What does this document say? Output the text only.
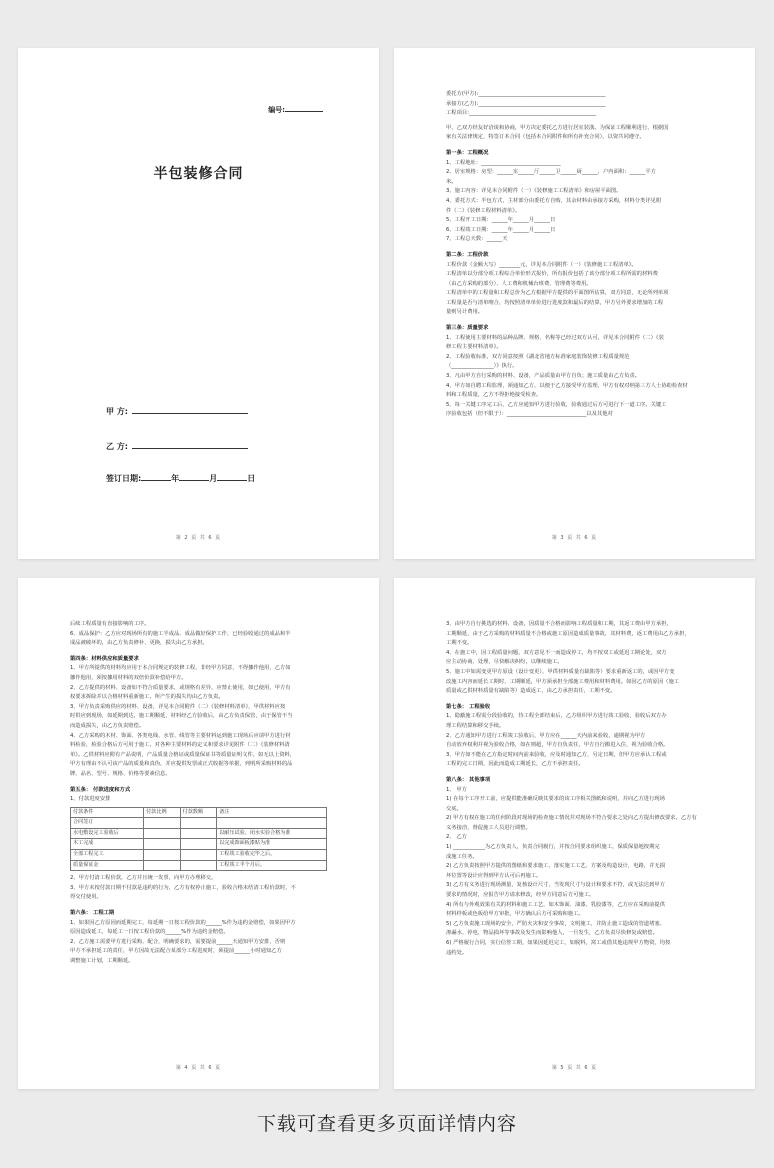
编号:
半包装修合同
甲 方:
乙 方:
签订日期:	年	月	日
第 2 页 共 6 页
委托方(甲方):________________________________________________
承接方(乙方):________________________________________________
工程项目:________________________________________________
甲、乙双方经友好洽谈和协商，甲方决定委托乙方进行居室装潢。为保证工程顺利进行，根据国
家有关法律规定，特签订本合同（包括本合同附件和所有补充合同），以资共同遵守。
第一条：工程概况
1、工程地址：______________________________
2、居室规格：房型：______室______厅______卫______厨______，户内面积：______平方
米。
3、施工内容：详见本合同附件（一）《装修施工工程清单》和房屋平面图。
4、委托方式：半包方式，主材部分由委托方自购，其余材料由承接方采购，材料分类详见附
件（二）《装修工程材料清单》。
5、工程开工日期：______年______月______日
6、工程竣工日期：______年______月______日
7、工程总天数：______天
第二条：工程价款
工程价款（金额大写）________元，详见本合同附件（一）《装修施工工程清单》。
工程清单以分部分项工程综合单价形式报价，所有报价包括了该分部分项工程所需的材料费
（由乙方采购的部分）、人工费和机械台班费、管理费等费用。
工程清单中的工程量和工程总价为乙方根据甲方提供的平面图所估算，双方同意，无论所列单项
工程量是否与清单吻合，均按照清单单价进行进度款和最后的结算，甲方另外要求增加的工程
量则另计费用。
第三条：质量要求
1、工程使用主要材料的品种品牌、规格、名称等已经过双方认可，详见本合同附件（二）《装
修工程主要材料清单》。
2、工程验收标准，双方同意按照《湖北省地方标准家庭装饰装修工程质量规范
（________________）》执行。
3、凡由甲方自行采购的材料、设备，产品质量由甲方自负；施工质量由乙方负责。
4、甲方如自聘工程监理，须通知乙方，以便于乙方接受甲方监理，甲方有权对纳第三方人士协助检查材
料和工程质量，乙方不得拒绝接受检查。
5、每一关键工序完工后，乙方应通知甲方进行验收，验收通过后方可进行下一道工序。关键工
序验收包括（但不限于）：______________________________以及其他对
第 3 页 共 6 页
后续工程质量有直接影响的工序。
6、成品保护：乙方应对现场所有的施工半成品、成品做好保护工作，已经验收通过的成品和半
成品被破坏的，由乙方负责修补、更换，损失由乙方承担。
第四条：材料供应和质量要求
1、甲方所提供的材料均应用于本合同规定的装修工程，非经甲方同意，不得挪作他用，乙方如
挪作他用，须按挪用材料的双倍价款补偿给甲方。
2、乙方提供的材料、设备如不符合质量要求，或规格有差异，应禁止使用，如已使用，甲方有
权要求拆除并以合格材料重新施工，所产生的损失均由乙方负责。
3、甲方负责采购供应的材料、设备，详见本合同附件（二）《装修材料清单》，甲供材料应按
时供应到现场，如延期到达，施工期顺延，材料经乙方验收后，由乙方负责保管，由于保管不当
而造成损失，由乙方负责赔偿。
4、乙方采购的木材、饰面、各类电线、水管、线管等主要材料运到施工现场后应请甲方进行材
料检验，检验合格后方可用于施工，对各种主要材料的定义和要求详见附件（二）《装修材料清
单》。乙供材料应附有产品说明，产品质量合格证或质量保证书等质量证明文件，如无以上资料，
甲方有理由不认可该产品的质量和真伪，并应提供发票或正式收据等单据，列明所采购材料的品
牌、品名、型号、规格、价格等要素信息。
第五条： 付款进度和方式
1、付款进度安排
付款条件	付款比例	付款数额	备注
合同签订			
水电敷设完工验收后			以耐压试验、闭水实验合格为准
木工完成			以完成饰面板漆贴为准
全部工程完工			工程竣工验收完毕之后。
质量保证金			工程竣工半个月后。
2、甲方付清工程价款，乙方并且统一发票，向甲方办理移交。
3、甲方未按付款日期不付款是违约的行为，乙方有权停止施工，验收合格未结清工程价款时，不
得交付使用。
第六条： 工程工期
1、如果因乙方原因而延期完工，每延期一日按工程价款的______%作为违约金赔偿，如果因甲方
原因造成延工，每延工一日按工程价款的______%作为违约金赔偿。
2、乙方施工需要甲方进行采购、配合，明确要求的，需要提前______天通知甲方安排，否则
甲方不承担延工的责任，甲方因故无法配合某部分工程进度时，须提前______小时通知乙方
调整施工计划，工期顺延。
第 4 页 共 6 页
3、由甲方自行挑选的材料、设备，因质量不合格而影响工程质量和工期，其返工费由甲方承担，
工期顺延，由于乙方采购的材料质量不合格或施工原因造成质量事故，其材料费，返工费用由乙方承担，
工期不变。
4、在施工中，因工程质量问题，双方意见不一而造成停工，均不按双工或延迟工期论处，双方
应主动协商、处理，尽快解决纠纷，以继续施工。
5、施工中如需变更甲方原设（设计变更），甲供材料质量有缺陷等）要求重新返工的，或因甲方变
改施工内容而延长工期时，工期顺延，甲方须承担全部施工费用和材料费用。如因乙方的原因（施工
质量或乙供材料质量有缺陷等）造成返工，由乙方承担责任，工期不变。
第七条： 工程验收
1、隐蔽施工程需分段验收的，待工程全部结束后，乙方组织甲方进行竣工验收，验收后双方办
理工程结算和移交手续。
2、乙方通知甲方进行工程竣工验收后，甲方应在______天内前来验收，逾期视为甲方
自动放弃权利并视为验收合格，如在则超，甲方自负责任，甲方自行搬进入住，视为验收合格。
3、甲方如不能在乙方指定时间内前来验收，应及时通知乙方，另定日期，但甲方应承认工程或
工程的完工日期，因此而造成工期延长，乙方不承担责任。
第八条： 其他事项
1、 甲方
1) 在每个工序开工前，应提供能准确反映其要求的该工序相关图纸和说明，并向乙方进行现场
交底。
2) 甲方有权在施工的任何阶段对现场的检查施工情况并对现场不符合要求之处向乙方提出修改要求，乙方有
义务接洽，督促施工人员进行调整。
2、 乙方
1) ____________为乙方负责人，负责合同履行，并按合同要求组织施工，保质保量地按期完
成施工任务。
2) 乙方负责按照甲方提供的图纸和要求施工，落实施工工艺、方案及构造设计，电路，并无损
坏位置等设计应得到甲方认可后再施工。
3) 乙方有义务进行现场测量，复核设计尺寸，当发现尺寸与设计和要求不符，或无法达到甲方
要求的情况时，应报告甲方请求修改，经甲方同意后方可施工。
4) 所有与外观效果有关的材料和施工工艺，如木饰面、油漆、乳胶漆等，乙方应在采购前提供
材料样板或色板给甲方审批，甲方确认后方可采购和施工。
5) 乙方负责施工现场的安全，严防火灾和安全事故，文明施工，并防止施工造成的管道堵塞、
渗漏水、停电、物品损坏等事故及发生而影响他人，一旦发生，乙方负责尽快修复或赔偿。
6) 严格履行合同，实行信誉工期，如果因延迟完工，如脱料，窝工或借其他违规甲方物资，均按
违约处。
第 5 页 共 6 页
下载可查看更多页面详情内容
